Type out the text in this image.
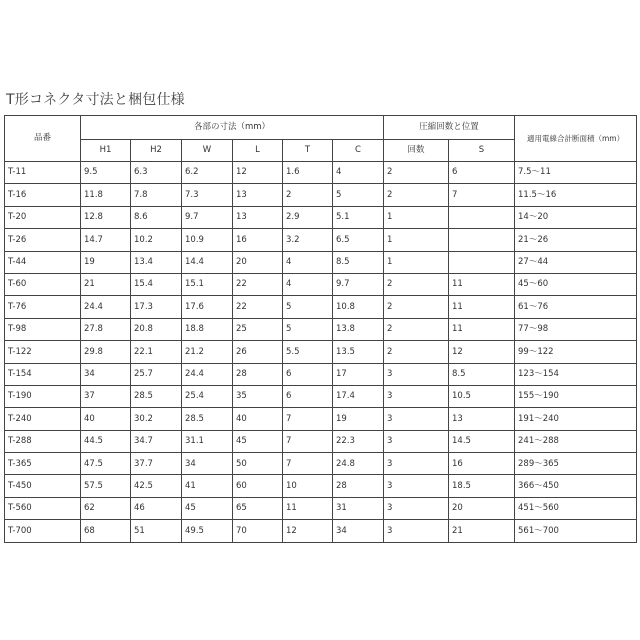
T形コネクタ寸法と梱包仕様
品番	各部の寸法（mm）						圧縮回数と位置		適用電線合計断面積（mm）
	H1	H2	W	L	T	C	回数	S	
T-11	9.5	6.3	6.2	12	1.6	4	2	6	7.5～11
T-16	11.8	7.8	7.3	13	2	5	2	7	11.5～16
T-20	12.8	8.6	9.7	13	2.9	5.1	1		14～20
T-26	14.7	10.2	10.9	16	3.2	6.5	1		21～26
T-44	19	13.4	14.4	20	4	8.5	1		27～44
T-60	21	15.4	15.1	22	4	9.7	2	11	45～60
T-76	24.4	17.3	17.6	22	5	10.8	2	11	61～76
T-98	27.8	20.8	18.8	25	5	13.8	2	11	77～98
T-122	29.8	22.1	21.2	26	5.5	13.5	2	12	99～122
T-154	34	25.7	24.4	28	6	17	3	8.5	123～154
T-190	37	28.5	25.4	35	6	17.4	3	10.5	155～190
T-240	40	30.2	28.5	40	7	19	3	13	191～240
T-288	44.5	34.7	31.1	45	7	22.3	3	14.5	241～288
T-365	47.5	37.7	34	50	7	24.8	3	16	289～365
T-450	57.5	42.5	41	60	10	28	3	18.5	366～450
T-560	62	46	45	65	11	31	3	20	451～560
T-700	68	51	49.5	70	12	34	3	21	561～700
